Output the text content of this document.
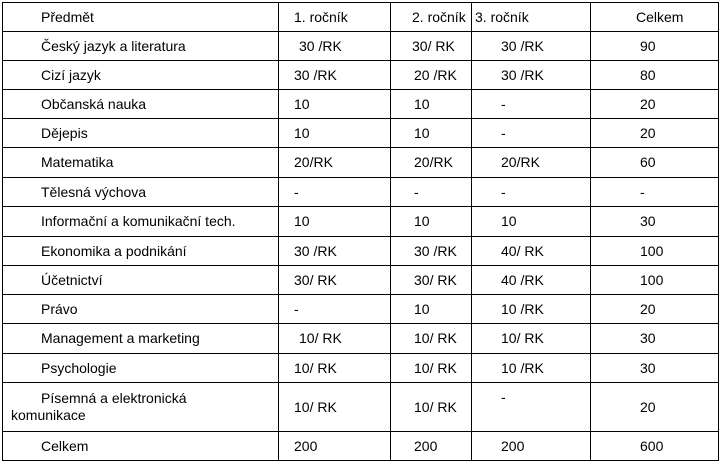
Předmět	1. ročník	2. ročník	3. ročník	Celkem
Český jazyk a literatura	30 /RK	30/ RK	30 /RK	90
Cizí jazyk	30 /RK	20 /RK	30 /RK	80
Občanská nauka	10	10	-	20
Dějepis	10	10	-	20
Matematika	20/RK	20/RK	20/RK	60
Tělesná výchova	-	-	-	-
Informační a komunikační tech.	10	10	10	30
Ekonomika a podnikání	30 /RK	30 /RK	40/ RK	100
Účetnictví	30/ RK	30/ RK	40 /RK	100
Právo	-	10	10 /RK	20
Management a marketing	10/ RK	10/ RK	10/ RK	30
Psychologie	10/ RK	10/ RK	10 /RK	30

Písemná a elektronická
komunikace	10/ RK	10/ RK	-	20
Celkem	200	200	200	600
